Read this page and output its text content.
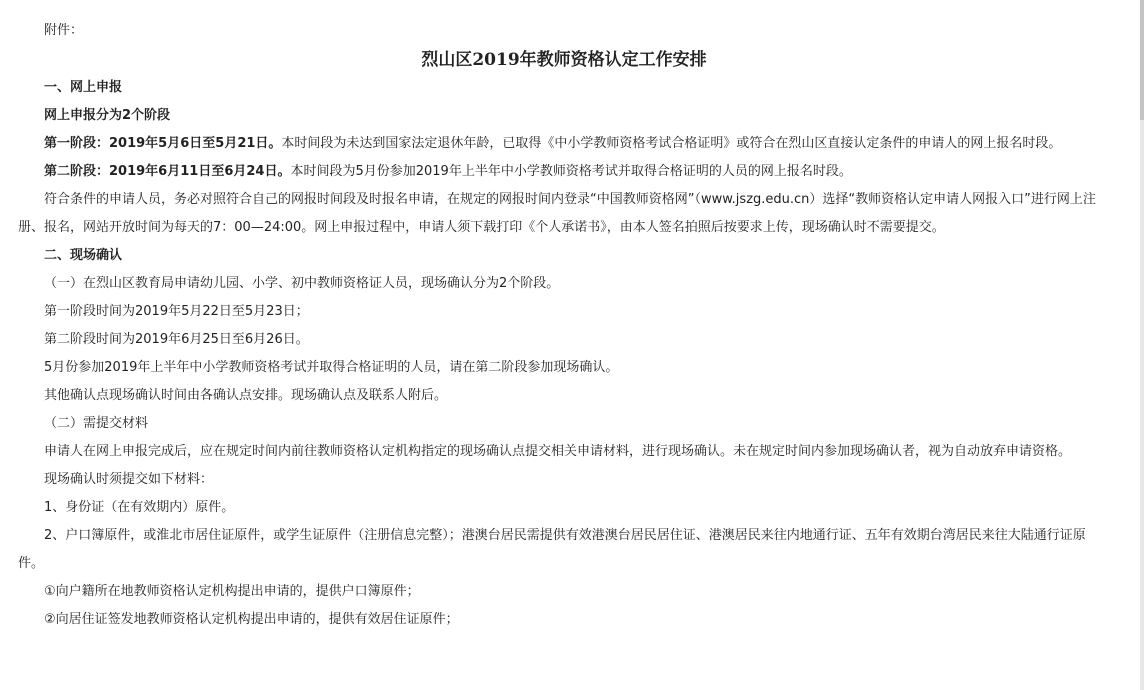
附件：
烈山区2019年教师资格认定工作安排

一、网上申报

网上申报分为2个阶段

第一阶段：2019年5月6日至5月21日。本时间段为未达到国家法定退休年龄，已取得《中小学教师资格考试合格证明》或符合在烈山区直接认定条件的申请人的网上报名时段。

第二阶段：2019年6月11日至6月24日。本时间段为5月份参加2019年上半年中小学教师资格考试并取得合格证明的人员的网上报名时段。

符合条件的申请人员，务必对照符合自己的网报时间段及时报名申请，在规定的网报时间内登录“中国教师资格网”（www.jszg.edu.cn）选择“教师资格认定申请人网报入口”进行网上注册、报名，网站开放时间为每天的7：00—24:00。网上申报过程中，申请人须下载打印《个人承诺书》，由本人签名拍照后按要求上传，现场确认时不需要提交。

二、现场确认

（一）在烈山区教育局申请幼儿园、小学、初中教师资格证人员，现场确认分为2个阶段。

第一阶段时间为2019年5月22日至5月23日；

第二阶段时间为2019年6月25日至6月26日。

5月份参加2019年上半年中小学教师资格考试并取得合格证明的人员，请在第二阶段参加现场确认。

其他确认点现场确认时间由各确认点安排。现场确认点及联系人附后。

（二）需提交材料

申请人在网上申报完成后，应在规定时间内前往教师资格认定机构指定的现场确认点提交相关申请材料，进行现场确认。未在规定时间内参加现场确认者，视为自动放弃申请资格。

现场确认时须提交如下材料：

1、身份证（在有效期内）原件。

2、户口簿原件，或淮北市居住证原件，或学生证原件（注册信息完整）；港澳台居民需提供有效港澳台居民居住证、港澳居民来往内地通行证、五年有效期台湾居民来往大陆通行证原件。

①向户籍所在地教师资格认定机构提出申请的，提供户口簿原件；

②向居住证签发地教师资格认定机构提出申请的，提供有效居住证原件；
